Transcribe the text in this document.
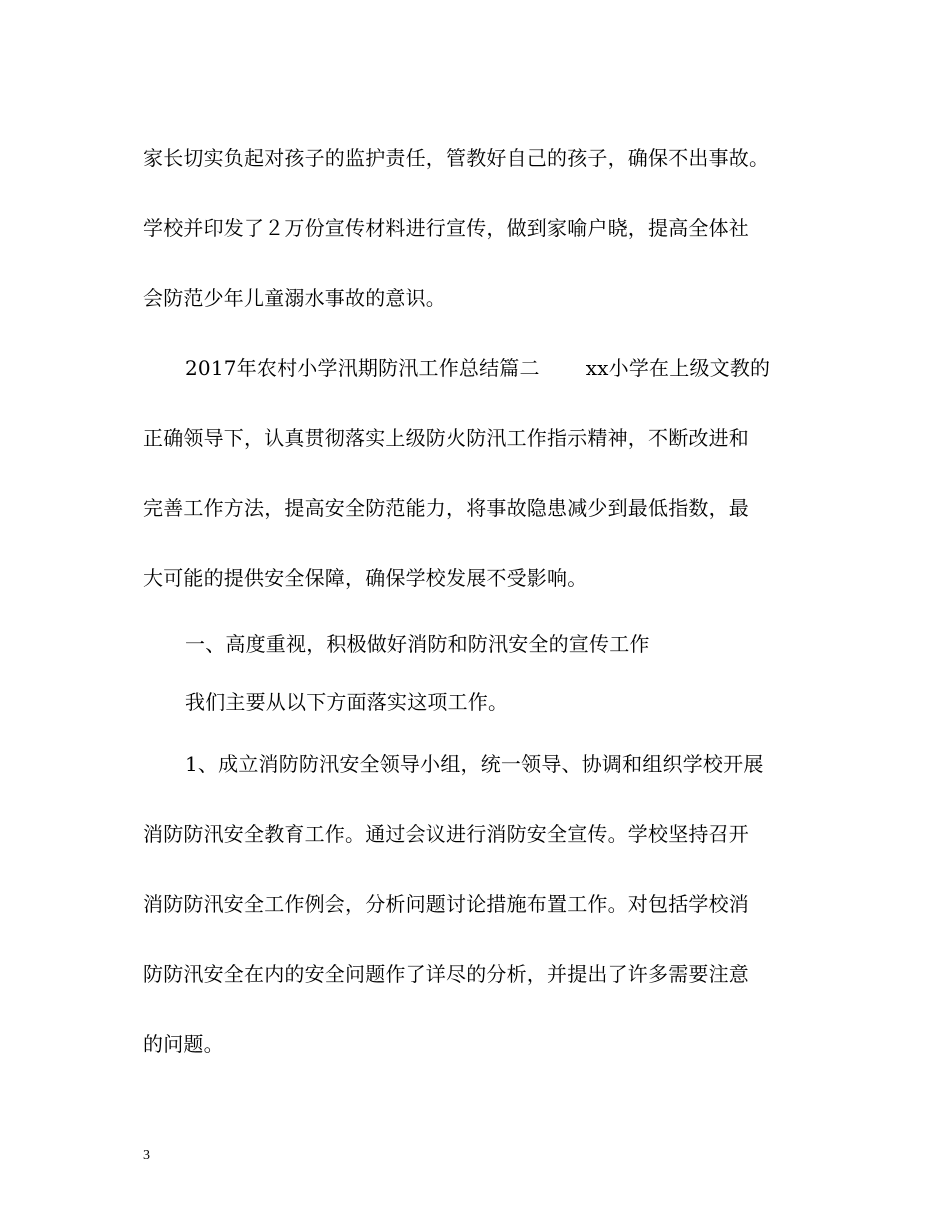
家长切实负起对孩子的监护责任，管教好自己的孩子，确保不出事故。
学校并印发了２万份宣传材料进行宣传，做到家喻户晓，提高全体社
会防范少年儿童溺水事故的意识。
2017年农村小学汛期防汛工作总结篇二 xx小学在上级文教的
正确领导下，认真贯彻落实上级防火防汛工作指示精神，不断改进和
完善工作方法，提高安全防范能力，将事故隐患减少到最低指数，最
大可能的提供安全保障，确保学校发展不受影响。
一、高度重视，积极做好消防和防汛安全的宣传工作
我们主要从以下方面落实这项工作。
1、成立消防防汛安全领导小组，统一领导、协调和组织学校开展
消防防汛安全教育工作。通过会议进行消防安全宣传。学校坚持召开
消防防汛安全工作例会，分析问题讨论措施布置工作。对包括学校消
防防汛安全在内的安全问题作了详尽的分析，并提出了许多需要注意
的问题。
3
